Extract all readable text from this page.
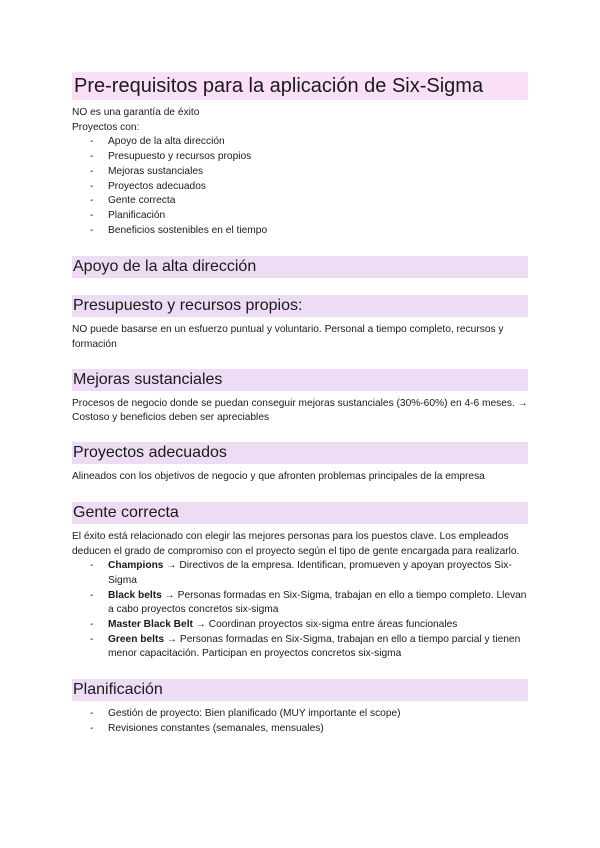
Pre-requisitos para la aplicación de Six-Sigma

NO es una garantía de éxito

Proyectos con:

- Apoyo de la alta dirección
- Presupuesto y recursos propios
- Mejoras sustanciales
- Proyectos adecuados
- Gente correcta
- Planificación
- Beneficios sostenibles en el tiempo
Apoyo de la alta dirección
Presupuesto y recursos propios:

NO puede basarse en un esfuerzo puntual y voluntario. Personal a tiempo completo, recursos y formación

Mejoras sustanciales

Procesos de negocio donde se puedan conseguir mejoras sustanciales (30%-60%) en 4-6 meses. → Costoso y beneficios deben ser apreciables

Proyectos adecuados

Alineados con los objetivos de negocio y que afronten problemas principales de la empresa

Gente correcta

El éxito está relacionado con elegir las mejores personas para los puestos clave. Los empleados deducen el grado de compromiso con el proyecto según el tipo de gente encargada para realizarlo.

- Champions → Directivos de la empresa. Identifican, promueven y apoyan proyectos Six-Sigma
- Black belts → Personas formadas en Six-Sigma, trabajan en ello a tiempo completo. Llevan a cabo proyectos concretos six-sigma
- Master Black Belt → Coordinan proyectos six-sigma entre áreas funcionales
- Green belts → Personas formadas en Six-Sigma, trabajan en ello a tiempo parcial y tienen menor capacitación. Participan en proyectos concretos six-sigma
Planificación
- Gestión de proyecto: Bien planificado (MUY importante el scope)
- Revisiones constantes (semanales, mensuales)
